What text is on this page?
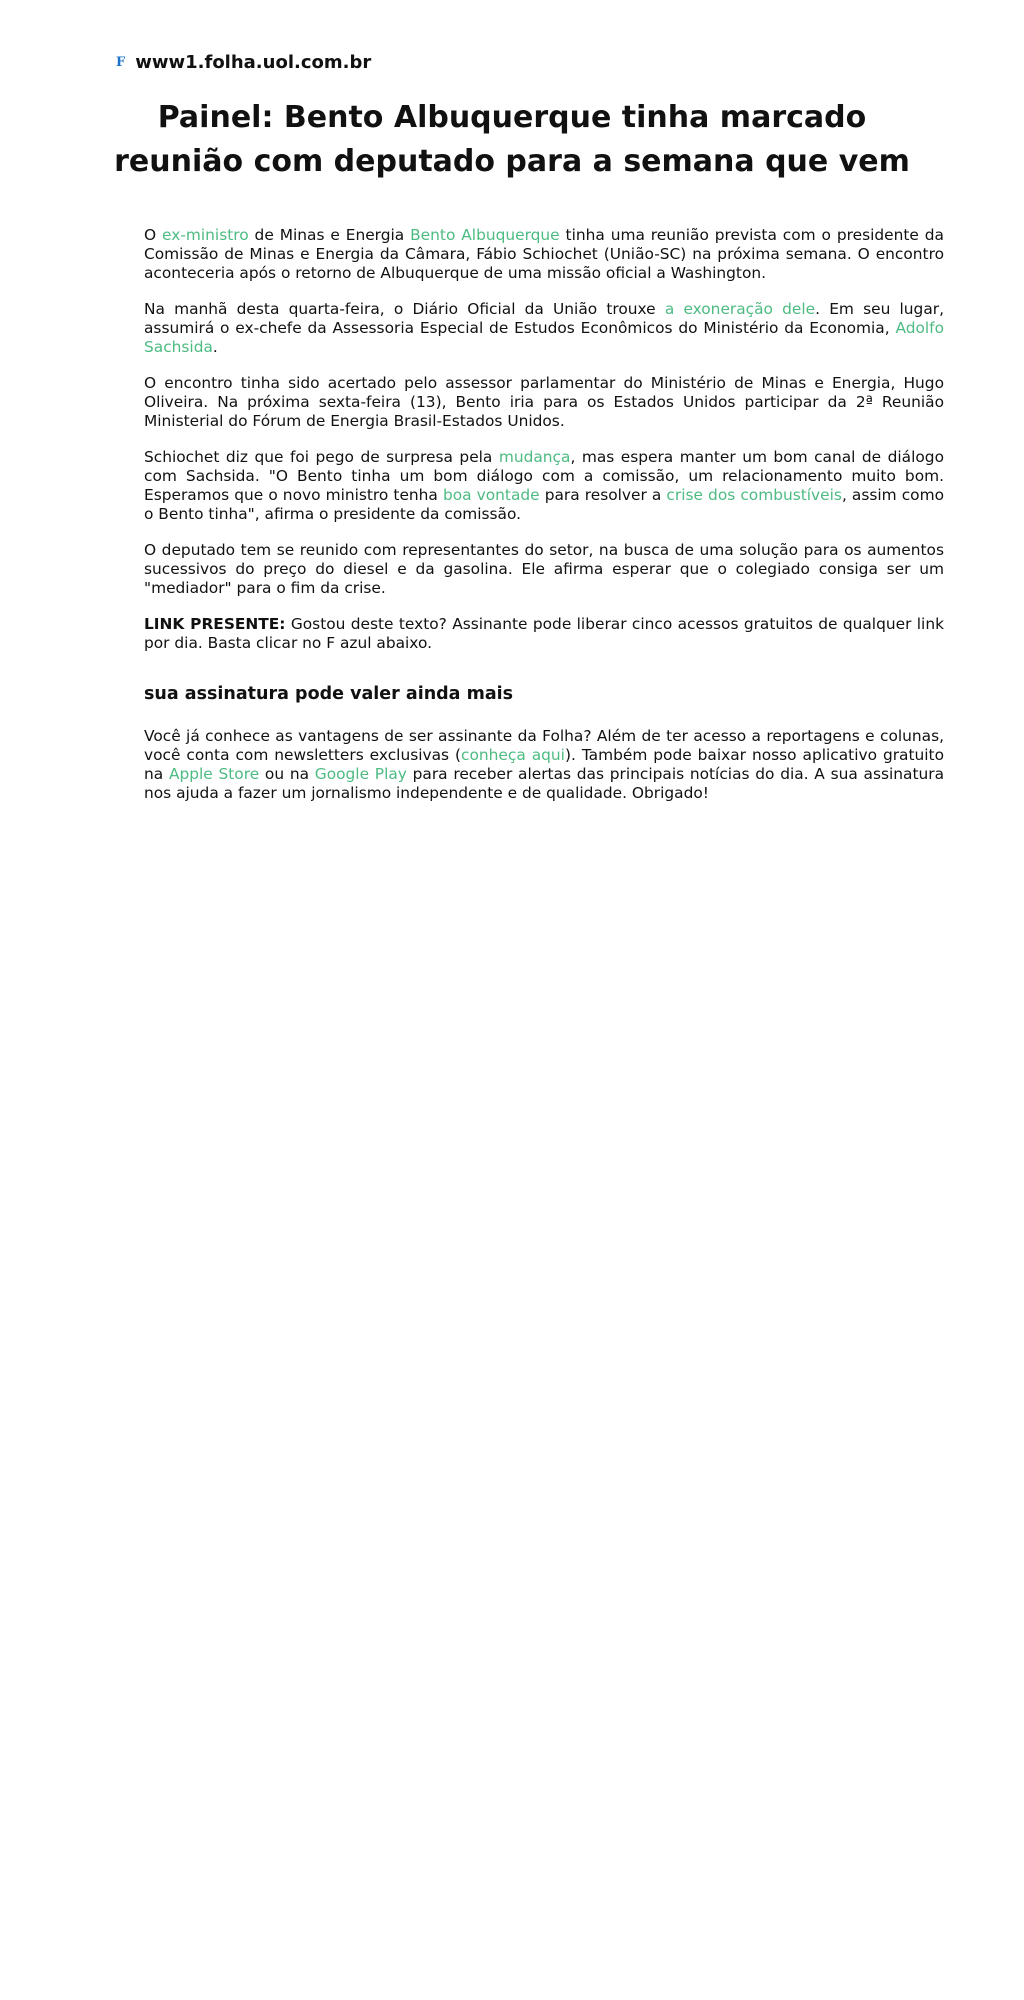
F www1.folha.uol.com.br
Painel: Bento Albuquerque tinha marcado reunião com deputado para a semana que vem

O ex-ministro de Minas e Energia Bento Albuquerque tinha uma reunião prevista com o presidente da Comissão de Minas e Energia da Câmara, Fábio Schiochet (União-SC) na próxima semana. O encontro aconteceria após o retorno de Albuquerque de uma missão oficial a Washington.

Na manhã desta quarta-feira, o Diário Oficial da União trouxe a exoneração dele. Em seu lugar, assumirá o ex-chefe da Assessoria Especial de Estudos Econômicos do Ministério da Economia, Adolfo Sachsida.

O encontro tinha sido acertado pelo assessor parlamentar do Ministério de Minas e Energia, Hugo Oliveira. Na próxima sexta-feira (13), Bento iria para os Estados Unidos participar da 2ª Reunião Ministerial do Fórum de Energia Brasil-Estados Unidos.

Schiochet diz que foi pego de surpresa pela mudança, mas espera manter um bom canal de diálogo com Sachsida. "O Bento tinha um bom diálogo com a comissão, um relacionamento muito bom. Esperamos que o novo ministro tenha boa vontade para resolver a crise dos combustíveis, assim como o Bento tinha", afirma o presidente da comissão.

O deputado tem se reunido com representantes do setor, na busca de uma solução para os aumentos sucessivos do preço do diesel e da gasolina. Ele afirma esperar que o colegiado consiga ser um "mediador" para o fim da crise.

LINK PRESENTE: Gostou deste texto? Assinante pode liberar cinco acessos gratuitos de qualquer link por dia. Basta clicar no F azul abaixo.

sua assinatura pode valer ainda mais

Você já conhece as vantagens de ser assinante da Folha? Além de ter acesso a reportagens e colunas, você conta com newsletters exclusivas (conheça aqui). Também pode baixar nosso aplicativo gratuito na Apple Store ou na Google Play para receber alertas das principais notícias do dia. A sua assinatura nos ajuda a fazer um jornalismo independente e de qualidade. Obrigado!
